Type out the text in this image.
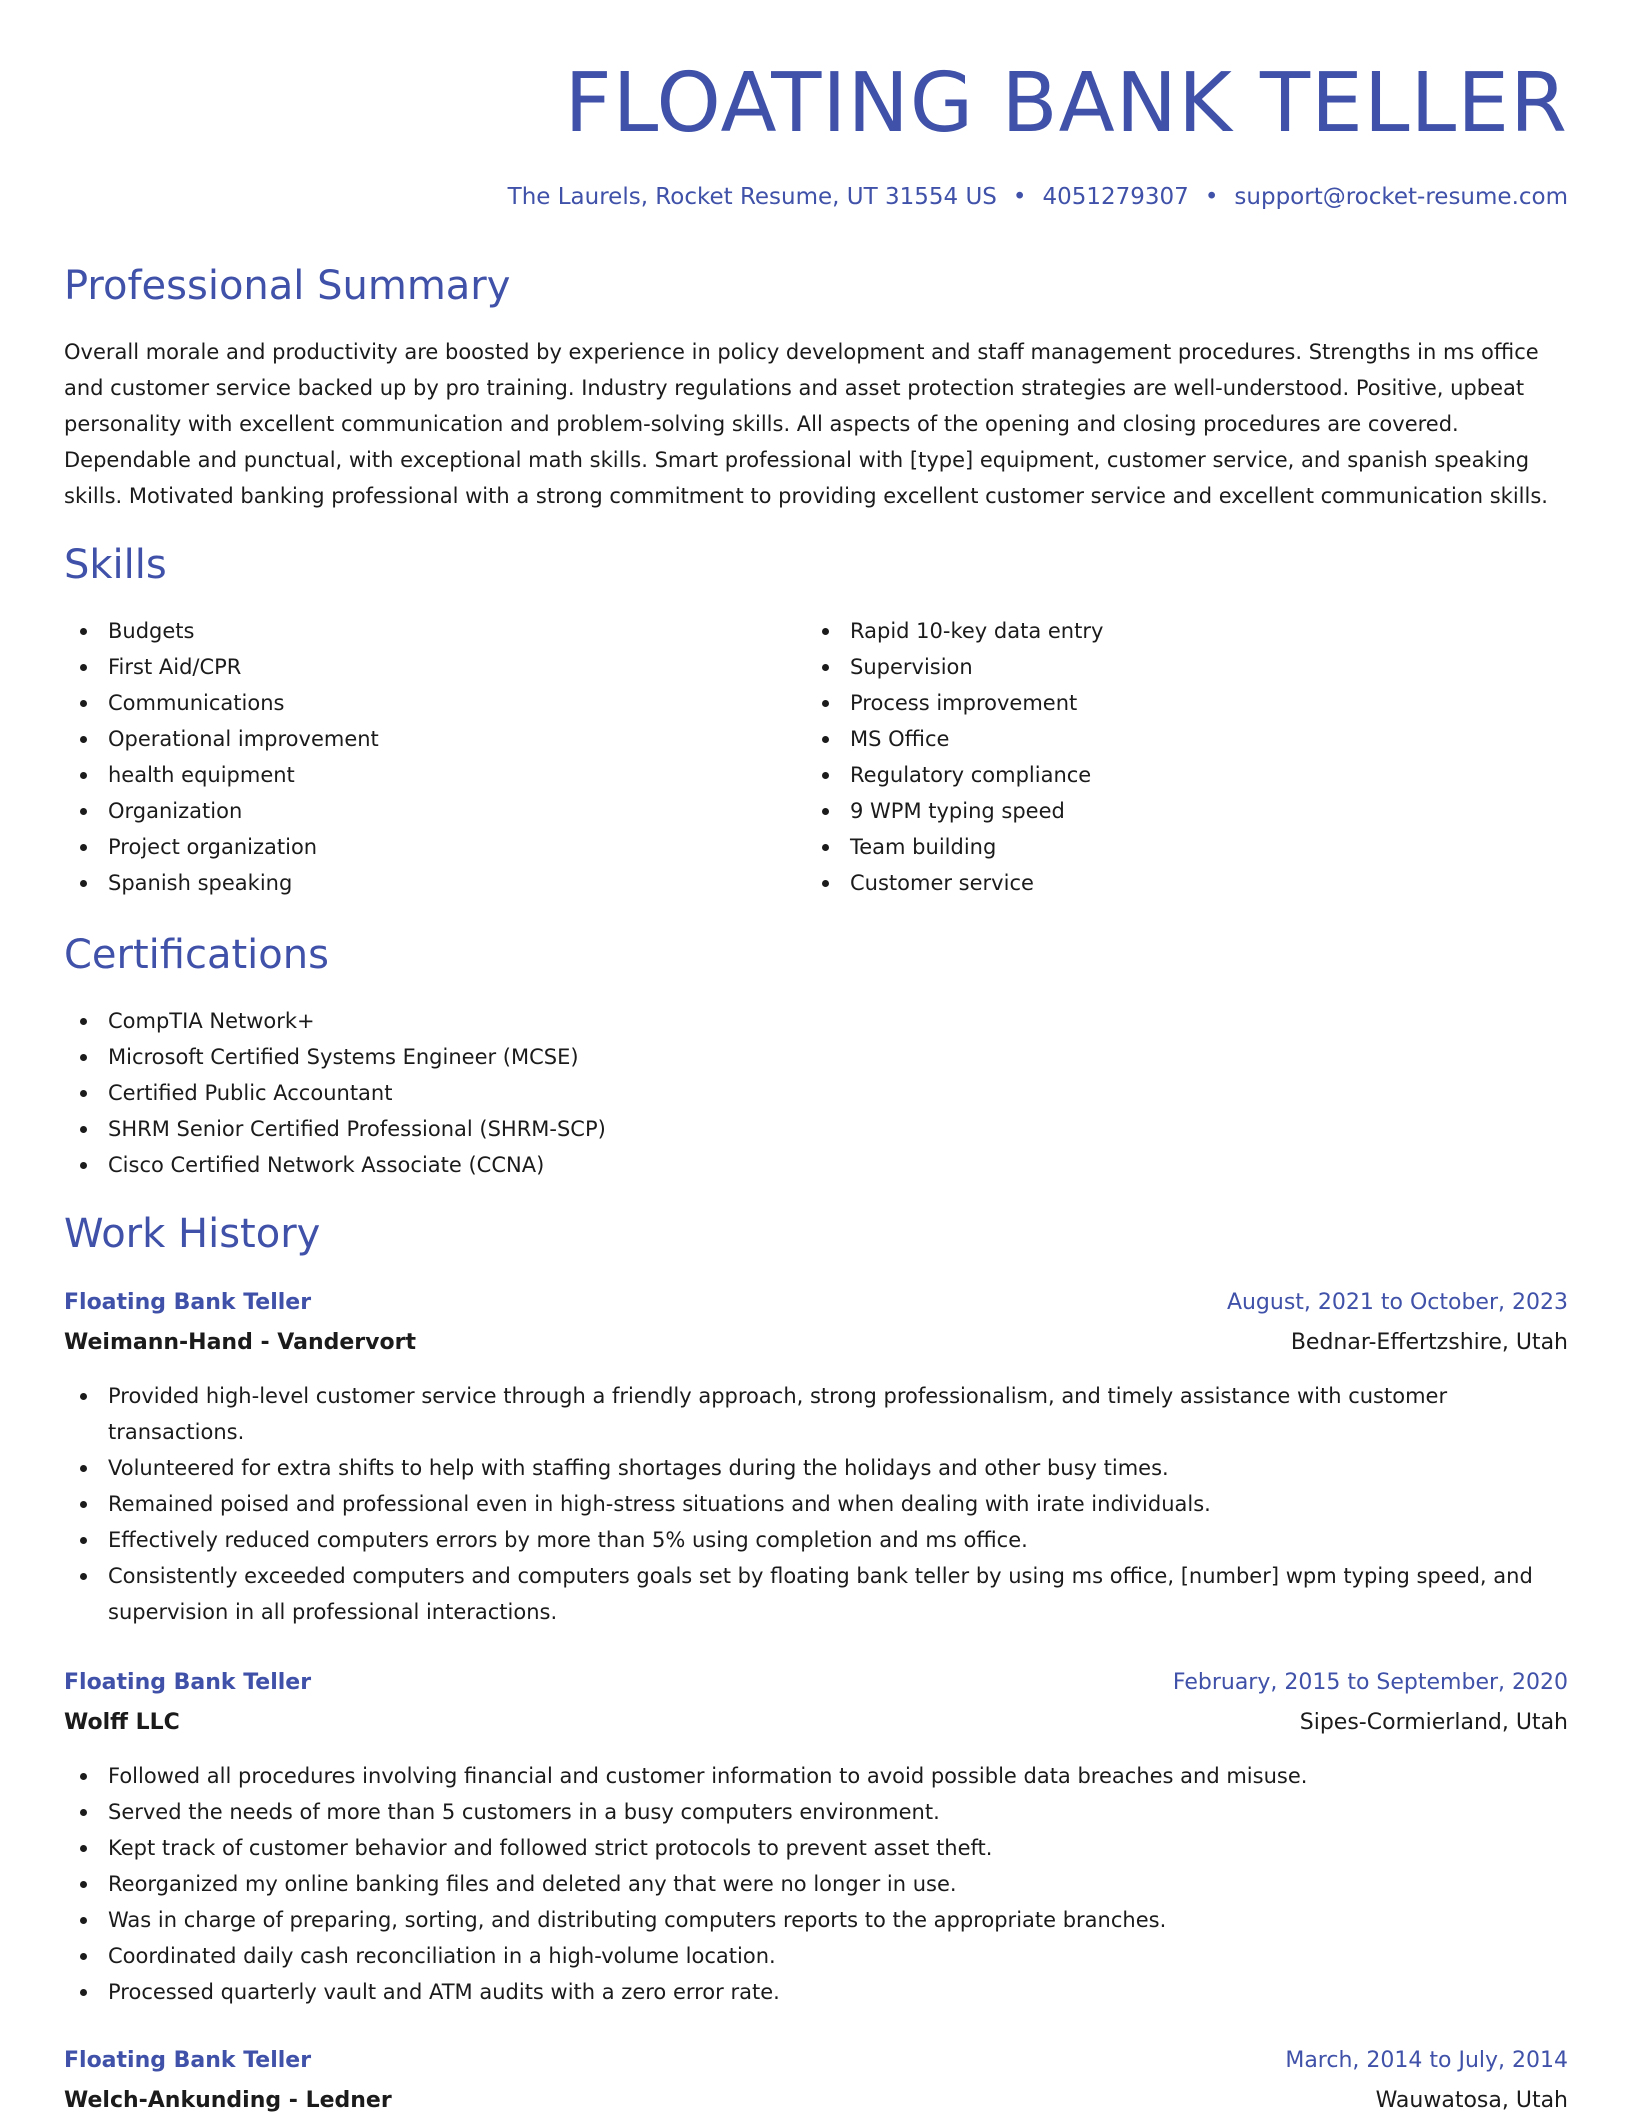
FLOATING BANK TELLER
The Laurels, Rocket Resume, UT 31554 US • 4051279307 • support@rocket-resume.com
Professional Summary

Overall morale and productivity are boosted by experience in policy development and staff management procedures. Strengths in ms office and customer service backed up by pro training. Industry regulations and asset protection strategies are well-understood. Positive, upbeat personality with excellent communication and problem-solving skills. All aspects of the opening and closing procedures are covered. Dependable and punctual, with exceptional math skills. Smart professional with [type] equipment, customer service, and spanish speaking skills. Motivated banking professional with a strong commitment to providing excellent customer service and excellent communication skills.

Skills
Budgets
First Aid/CPR
Communications
Operational improvement
health equipment
Organization
Project organization
Spanish speaking
Rapid 10-key data entry
Supervision
Process improvement
MS Office
Regulatory compliance
9 WPM typing speed
Team building
Customer service
Certifications
CompTIA Network+
Microsoft Certified Systems Engineer (MCSE)
Certified Public Accountant
SHRM Senior Certified Professional (SHRM-SCP)
Cisco Certified Network Associate (CCNA)
Work History
Floating Bank Teller	August, 2021 to October, 2023
Weimann-Hand - Vandervort	Bednar-Effertzshire, Utah
Provided high-level customer service through a friendly approach, strong professionalism, and timely assistance with customer transactions.
Volunteered for extra shifts to help with staffing shortages during the holidays and other busy times.
Remained poised and professional even in high-stress situations and when dealing with irate individuals.
Effectively reduced computers errors by more than 5% using completion and ms office.
Consistently exceeded computers and computers goals set by floating bank teller by using ms office, [number] wpm typing speed, and supervision in all professional interactions.
Floating Bank Teller	February, 2015 to September, 2020
Wolff LLC	Sipes-Cormierland, Utah
Followed all procedures involving financial and customer information to avoid possible data breaches and misuse.
Served the needs of more than 5 customers in a busy computers environment.
Kept track of customer behavior and followed strict protocols to prevent asset theft.
Reorganized my online banking files and deleted any that were no longer in use.
Was in charge of preparing, sorting, and distributing computers reports to the appropriate branches.
Coordinated daily cash reconciliation in a high-volume location.
Processed quarterly vault and ATM audits with a zero error rate.
Floating Bank Teller	March, 2014 to July, 2014
Welch-Ankunding - Ledner	Wauwatosa, Utah
